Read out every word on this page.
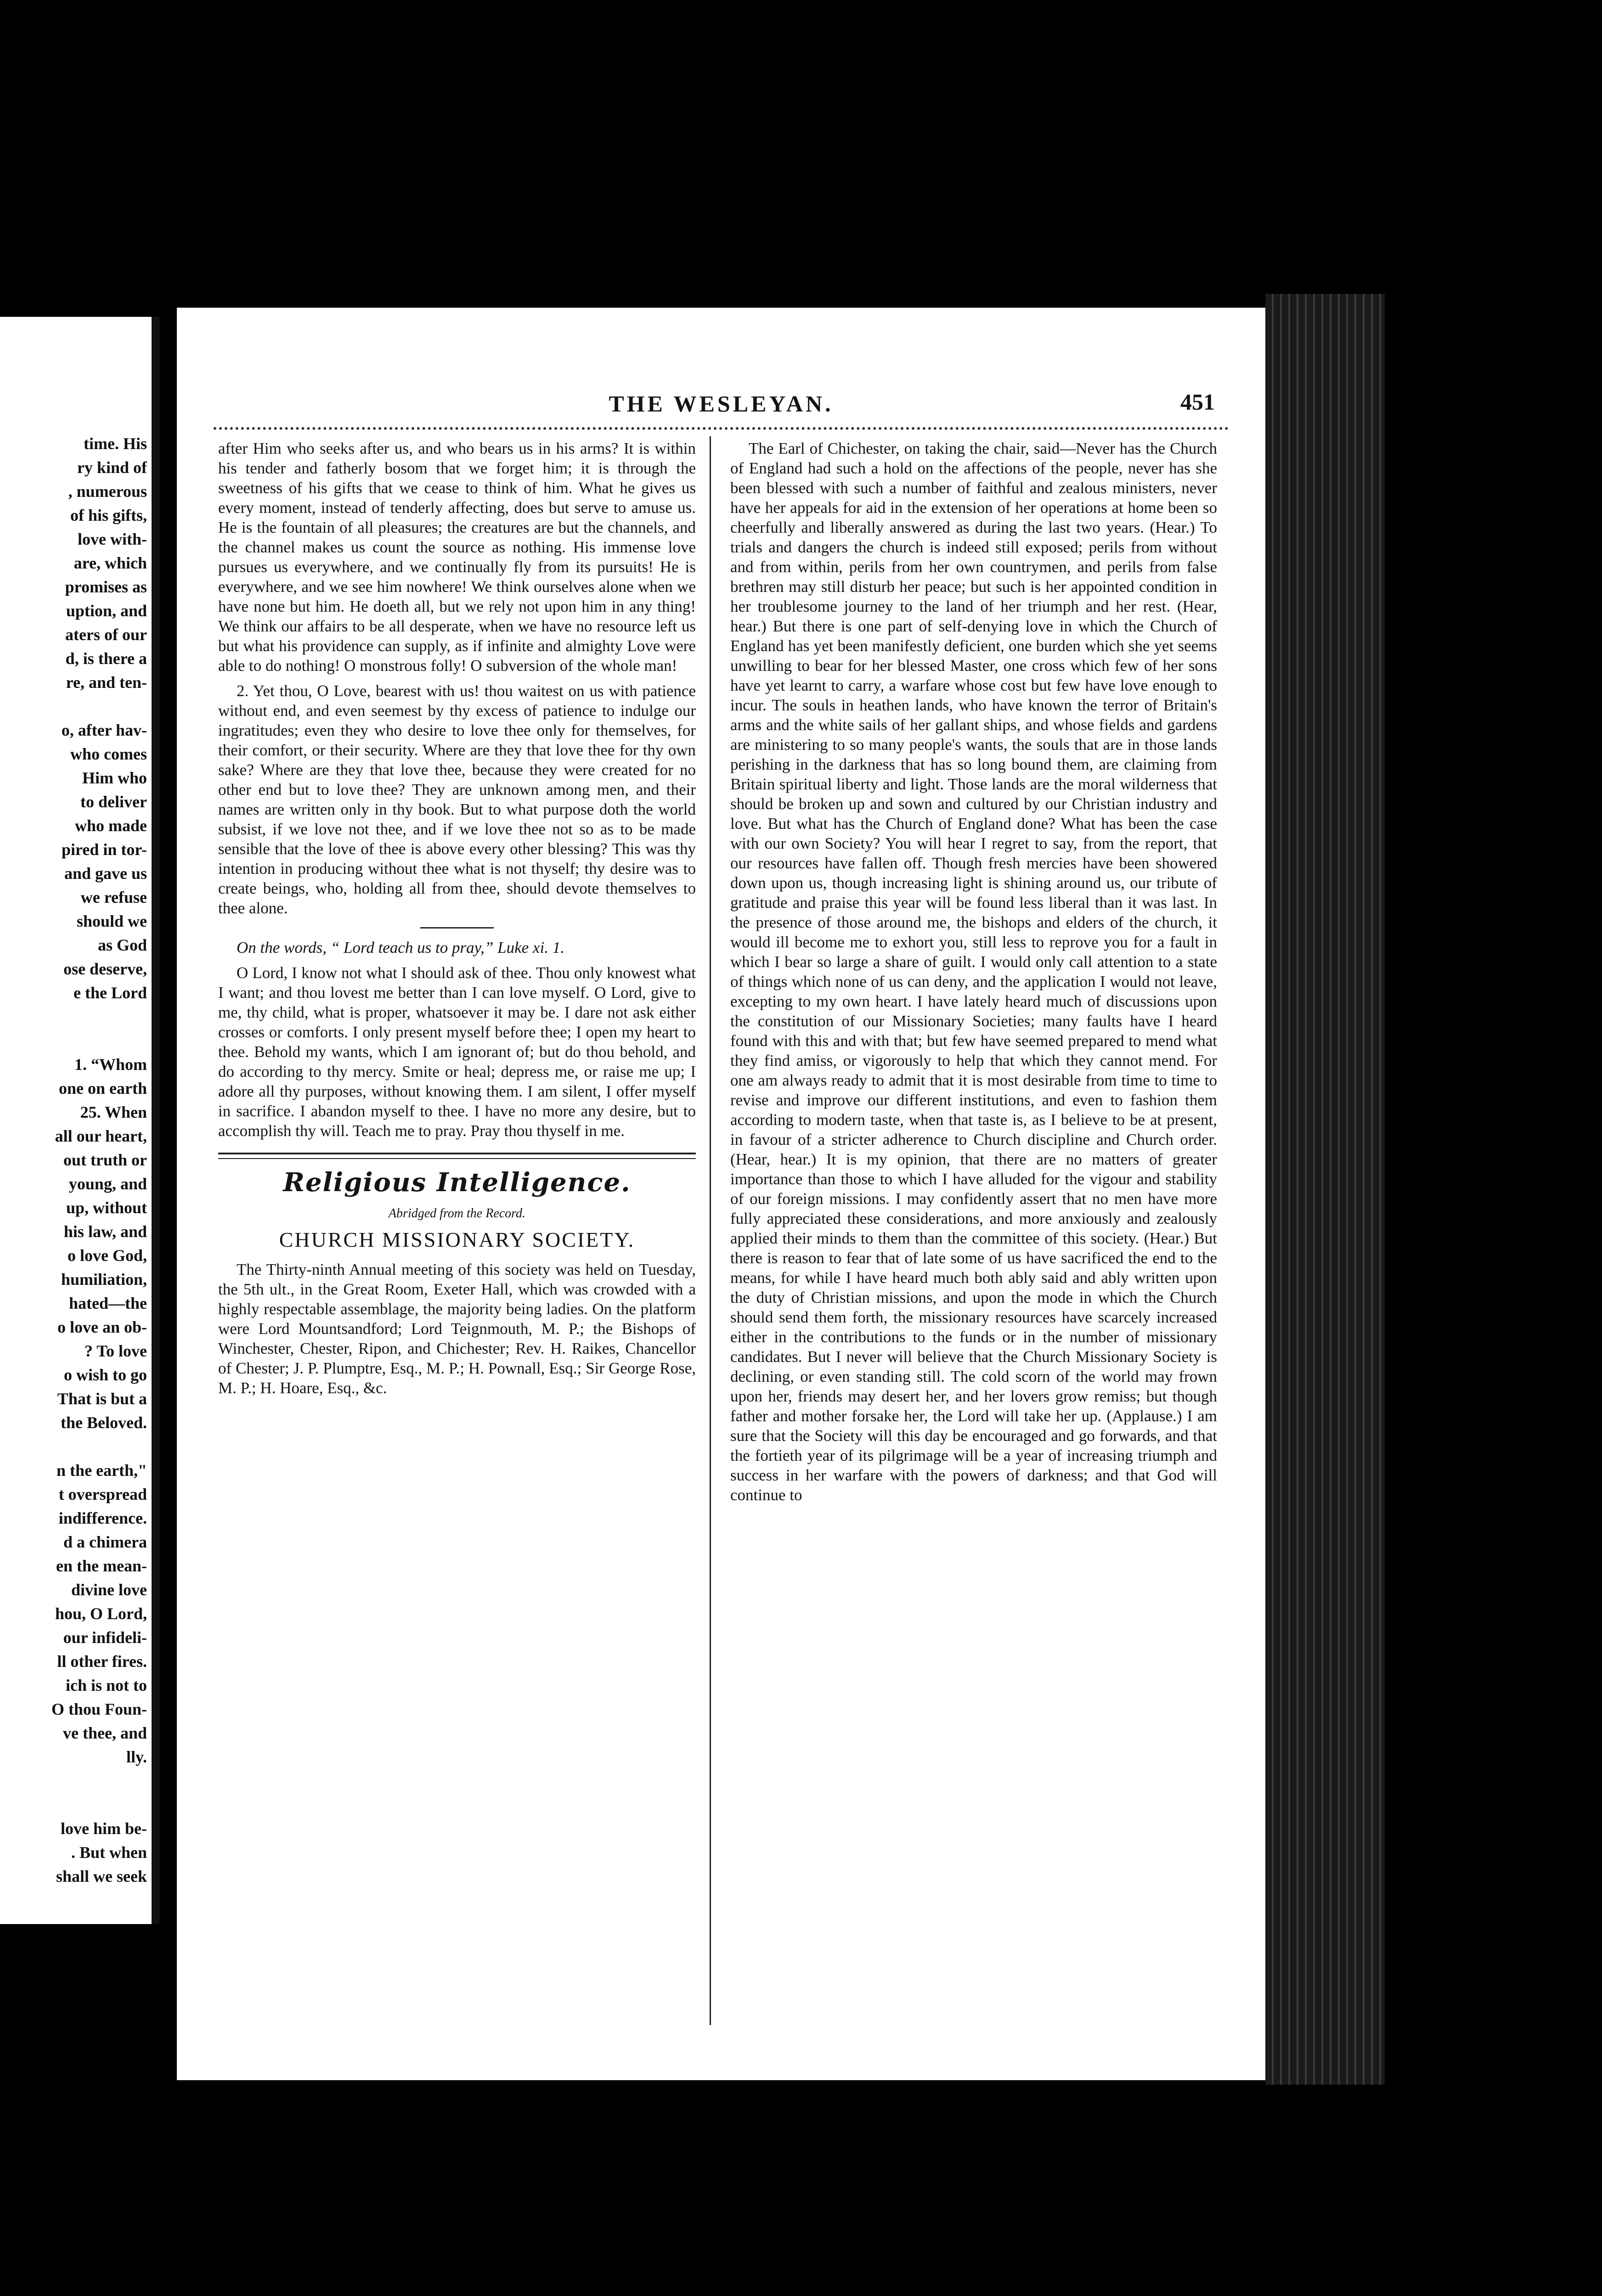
time. His
ry kind of
, numerous
of his gifts,
love with-
are, which
promises as
uption, and
aters of our
d, is there a
re, and ten-

o, after hav-
who comes
Him who
to deliver
who made
pired in tor-
and gave us
we refuse
should we
as God
ose deserve,
e the Lord

1. “Whom
one on earth
25. When
all our heart,
out truth or
young, and
up, without
his law, and
o love God,
humiliation,
hated—the
o love an ob-
? To love
o wish to go
That is but a
the Beloved.

n the earth,"
t overspread
indifference.
d a chimera
en the mean-
divine love
hou, O Lord,
our infideli-
ll other fires.
ich is not to
O thou Foun-
ve thee, and
lly.

love him be-
. But when
shall we seek
THE WESLEYAN.	451

after Him who seeks after us, and who bears us in his arms? It is within his tender and fatherly bosom that we forget him; it is through the sweetness of his gifts that we cease to think of him. What he gives us every moment, instead of tenderly affecting, does but serve to amuse us. He is the fountain of all pleasures; the creatures are but the channels, and the channel makes us count the source as nothing. His immense love pursues us everywhere, and we continually fly from its pursuits! He is everywhere, and we see him nowhere! We think ourselves alone when we have none but him. He doeth all, but we rely not upon him in any thing! We think our affairs to be all desperate, when we have no resource left us but what his providence can supply, as if infinite and almighty Love were able to do nothing! O monstrous folly! O subversion of the whole man!

2. Yet thou, O Love, bearest with us! thou waitest on us with patience without end, and even seemest by thy excess of patience to indulge our ingratitudes; even they who desire to love thee only for themselves, for their comfort, or their security. Where are they that love thee for thy own sake? Where are they that love thee, because they were created for no other end but to love thee? They are unknown among men, and their names are written only in thy book. But to what purpose doth the world subsist, if we love not thee, and if we love thee not so as to be made sensible that the love of thee is above every other blessing? This was thy intention in producing without thee what is not thyself; thy desire was to create beings, who, holding all from thee, should devote themselves to thee alone.

On the words, “ Lord teach us to pray,” Luke xi. 1.

O Lord, I know not what I should ask of thee. Thou only knowest what I want; and thou lovest me better than I can love myself. O Lord, give to me, thy child, what is proper, whatsoever it may be. I dare not ask either crosses or comforts. I only present myself before thee; I open my heart to thee. Behold my wants, which I am ignorant of; but do thou behold, and do according to thy mercy. Smite or heal; depress me, or raise me up; I adore all thy purposes, without knowing them. I am silent, I offer myself in sacrifice. I abandon myself to thee. I have no more any desire, but to accomplish thy will. Teach me to pray. Pray thou thyself in me.

Religious Intelligence.
Abridged from the Record.
CHURCH MISSIONARY SOCIETY.

The Thirty-ninth Annual meeting of this society was held on Tuesday, the 5th ult., in the Great Room, Exeter Hall, which was crowded with a highly respectable assemblage, the majority being ladies. On the platform were Lord Mountsandford; Lord Teignmouth, M. P.; the Bishops of Winchester, Chester, Ripon, and Chichester; Rev. H. Raikes, Chancellor of Chester; J. P. Plumptre, Esq., M. P.; H. Pownall, Esq.; Sir George Rose, M. P.; H. Hoare, Esq., &c.

The Earl of Chichester, on taking the chair, said—Never has the Church of England had such a hold on the affections of the people, never has she been blessed with such a number of faithful and zealous ministers, never have her appeals for aid in the extension of her operations at home been so cheerfully and liberally answered as during the last two years. (Hear.) To trials and dangers the church is indeed still exposed; perils from without and from within, perils from her own countrymen, and perils from false brethren may still disturb her peace; but such is her appointed condition in her troublesome journey to the land of her triumph and her rest. (Hear, hear.) But there is one part of self-denying love in which the Church of England has yet been manifestly deficient, one burden which she yet seems unwilling to bear for her blessed Master, one cross which few of her sons have yet learnt to carry, a warfare whose cost but few have love enough to incur. The souls in heathen lands, who have known the terror of Britain's arms and the white sails of her gallant ships, and whose fields and gardens are ministering to so many people's wants, the souls that are in those lands perishing in the darkness that has so long bound them, are claiming from Britain spiritual liberty and light. Those lands are the moral wilderness that should be broken up and sown and cultured by our Christian industry and love. But what has the Church of England done? What has been the case with our own Society? You will hear I regret to say, from the report, that our resources have fallen off. Though fresh mercies have been showered down upon us, though increasing light is shining around us, our tribute of gratitude and praise this year will be found less liberal than it was last. In the presence of those around me, the bishops and elders of the church, it would ill become me to exhort you, still less to reprove you for a fault in which I bear so large a share of guilt. I would only call attention to a state of things which none of us can deny, and the application I would not leave, excepting to my own heart. I have lately heard much of discussions upon the constitution of our Missionary Societies; many faults have I heard found with this and with that; but few have seemed prepared to mend what they find amiss, or vigorously to help that which they cannot mend. For one am always ready to admit that it is most desirable from time to time to revise and improve our different institutions, and even to fashion them according to modern taste, when that taste is, as I believe to be at present, in favour of a stricter adherence to Church discipline and Church order. (Hear, hear.) It is my opinion, that there are no matters of greater importance than those to which I have alluded for the vigour and stability of our foreign missions. I may confidently assert that no men have more fully appreciated these considerations, and more anxiously and zealously applied their minds to them than the committee of this society. (Hear.) But there is reason to fear that of late some of us have sacrificed the end to the means, for while I have heard much both ably said and ably written upon the duty of Christian missions, and upon the mode in which the Church should send them forth, the missionary resources have scarcely increased either in the contributions to the funds or in the number of missionary candidates. But I never will believe that the Church Missionary Society is declining, or even standing still. The cold scorn of the world may frown upon her, friends may desert her, and her lovers grow remiss; but though father and mother forsake her, the Lord will take her up. (Applause.) I am sure that the Society will this day be encouraged and go forwards, and that the fortieth year of its pilgrimage will be a year of increasing triumph and success in her warfare with the powers of darkness; and that God will continue to
